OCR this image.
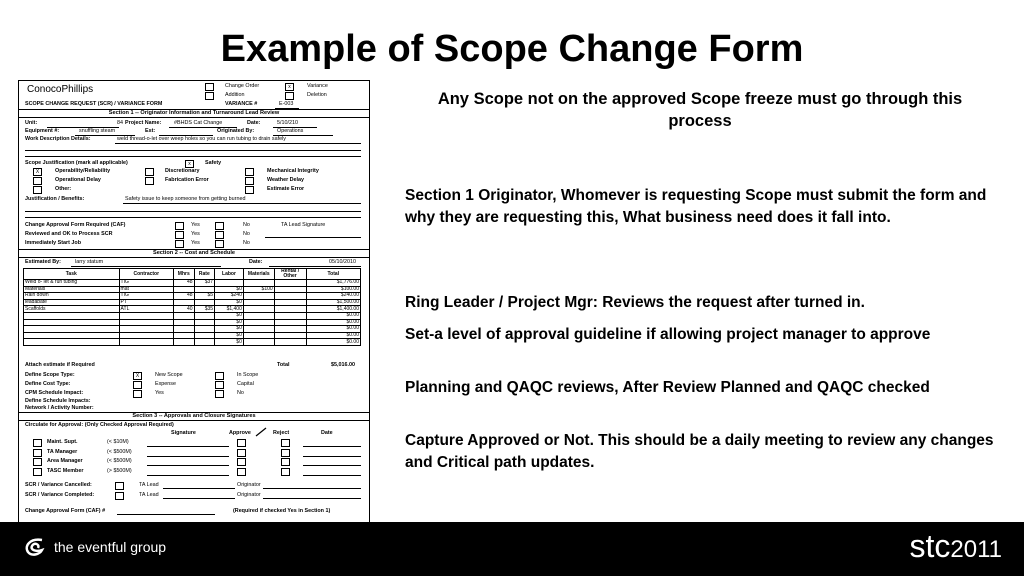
Example of Scope Change Form
ConocoPhillips	Change Order	x	Variance
Addition	Deletion
SCOPE CHANGE REQUEST (SCR) / VARIANCE FORM	VARIANCE #	E-003
Section 1 -- Originator Information and Turnaround Lead Review
Unit:	84 Project Name: #BHDS Cat Change	Date:	5/10/210
Equipment #:	snuffling steam	Est:	Originated By:	Operations
Work Description Details:	weld thread-o-let over weep holes so you can run tubing to drain safely
Scope Justification (mark all applicable)	x	Safety
X	Operability/Reliability	Discretionary	Mechanical Integrity
Operational Delay	Fabrication Error	Weather Delay
Other:	Estimate Error
Justification / Benefits:	Safety issue to keep someone from getting burned
Change Approval Form Required (CAF)	Yes	No	TA Lead Signature
Reviewed and OK to Process SCR	Yes	No
Immediately Start Job	Yes	No
Section 2 -- Cost and Schedule
Estimated By:	larry statum	Date:	05/10/2010
Task	Contractor	Mhrs	Rate	Labor	Materials	Rental / Other	Total
Weld o- let & run tubing	TIG	48	$37				$1,776.00
Materials	mat			$0	$100		$100.00
Rain down	TIG	48	$5	$240			$240.00
leadabate	PT			$0			$1,500.00
Scaffolds	ATL	40	$35	$1,400			$1,400.00
				$0			$0.00
				$0			$0.00
				$0			$0.00
				$0			$0.00
				$0			$0.00
Attach estimate if Required	Total	$5,016.00
Define Scope Type:	X	New Scope	In Scope
Define Cost Type:	Expense	Capital
CPM Schedule Impact:	Yes	No
Define Schedule Impacts:
Network / Activity Number:
Section 3 -- Approvals and Closure Signatures
Circulate for Approval: (Only Checked Approval Required)
Signature	Approve	Reject	Date
Maint. Supt.	(< $10M)
TA Manager	(< $500M)
Area Manager	(< $500M)
TASC Member	(> $500M)
SCR / Variance Cancelled:	TA Lead	Originator
SCR / Variance Completed:	TA Lead	Originator
Change Approval Form (CAF) #	(Required if checked Yes in Section 1)
Any Scope not on the approved Scope freeze must go through this process
Section 1 Originator, Whomever is requesting Scope must submit the form and why they are requesting this, What business need does it fall into.
Ring Leader / Project Mgr: Reviews the request after turned in.
Set-a level of approval guideline if allowing project manager to approve
Planning and QAQC reviews, After Review Planned and QAQC checked
Capture Approved or Not. This should be a daily meeting to review any changes and Critical path updates.
the eventful group	stc2011
